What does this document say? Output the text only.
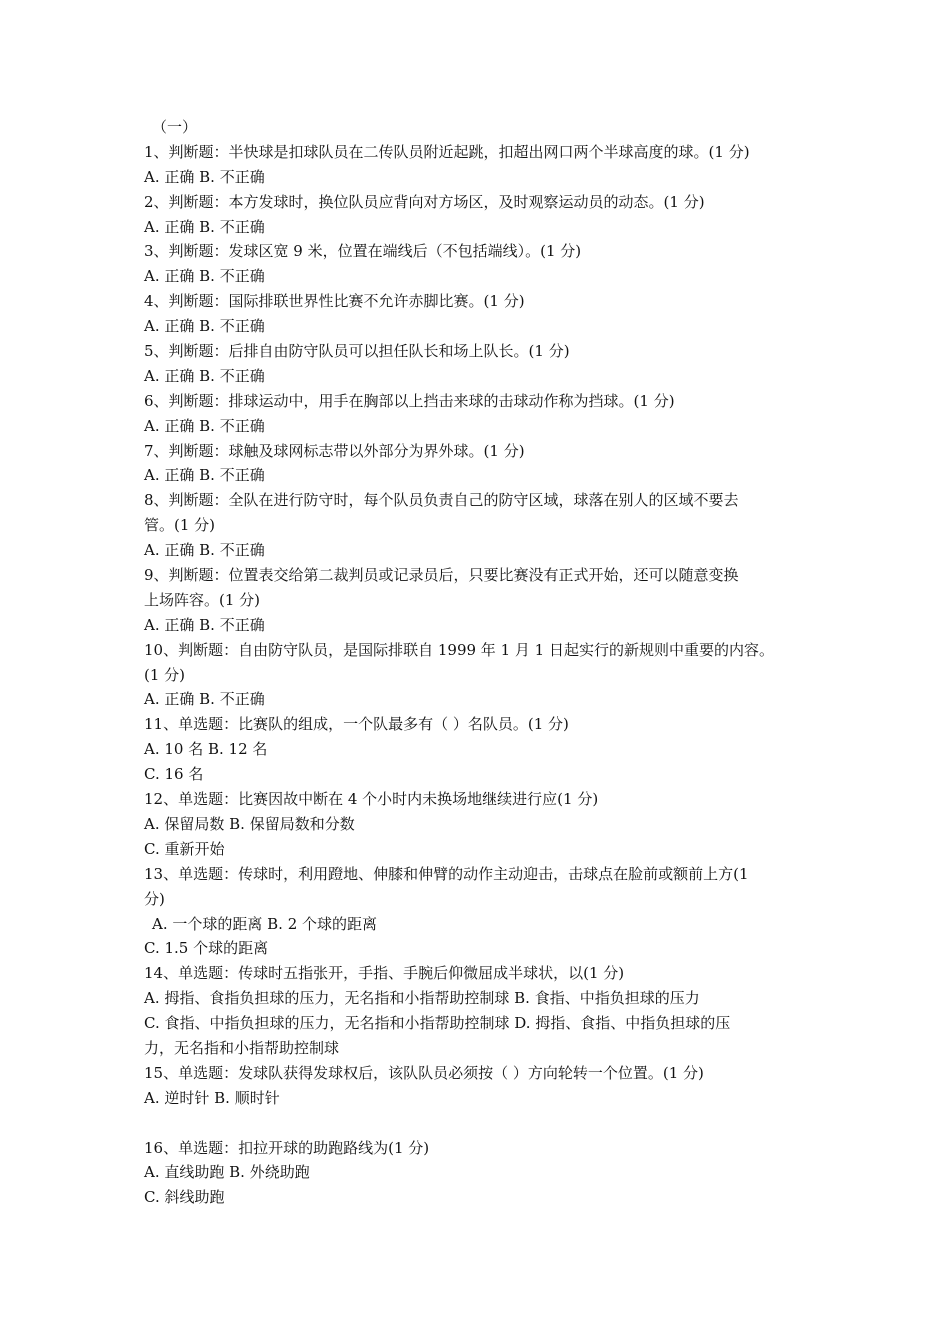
（一）
1、判断题：半快球是扣球队员在二传队员附近起跳，扣超出网口两个半球高度的球。(1 分)
A. 正确 B. 不正确
2、判断题：本方发球时，换位队员应背向对方场区，及时观察运动员的动态。(1 分)
A. 正确 B. 不正确
3、判断题：发球区宽 9 米，位置在端线后（不包括端线）。(1 分)
A. 正确 B. 不正确
4、判断题：国际排联世界性比赛不允许赤脚比赛。(1 分)
A. 正确 B. 不正确
5、判断题：后排自由防守队员可以担任队长和场上队长。(1 分)
A. 正确 B. 不正确
6、判断题：排球运动中，用手在胸部以上挡击来球的击球动作称为挡球。(1 分)
A. 正确 B. 不正确
7、判断题：球触及球网标志带以外部分为界外球。(1 分)
A. 正确 B. 不正确
8、判断题：全队在进行防守时，每个队员负责自己的防守区域，球落在别人的区域不要去
管。(1 分)
A. 正确 B. 不正确
9、判断题：位置表交给第二裁判员或记录员后，只要比赛没有正式开始，还可以随意变换
上场阵容。(1 分)
A. 正确 B. 不正确
10、判断题：自由防守队员，是国际排联自 1999 年 1 月 1 日起实行的新规则中重要的内容。
(1 分)
A. 正确 B. 不正确
11、单选题：比赛队的组成，一个队最多有（ ）名队员。(1 分)
A. 10 名 B. 12 名
C. 16 名
12、单选题：比赛因故中断在 4 个小时内未换场地继续进行应(1 分)
A. 保留局数 B. 保留局数和分数
C. 重新开始
13、单选题：传球时，利用蹬地、伸膝和伸臂的动作主动迎击，击球点在脸前或额前上方(1
分)
A. 一个球的距离 B. 2 个球的距离
C. 1.5 个球的距离
14、单选题：传球时五指张开，手指、手腕后仰微屈成半球状，以(1 分)
A. 拇指、食指负担球的压力，无名指和小指帮助控制球 B. 食指、中指负担球的压力
C. 食指、中指负担球的压力，无名指和小指帮助控制球 D. 拇指、食指、中指负担球的压
力，无名指和小指帮助控制球
15、单选题：发球队获得发球权后，该队队员必须按（ ）方向轮转一个位置。(1 分)
A. 逆时针 B. 顺时针
16、单选题：扣拉开球的助跑路线为(1 分)
A. 直线助跑 B. 外绕助跑
C. 斜线助跑
